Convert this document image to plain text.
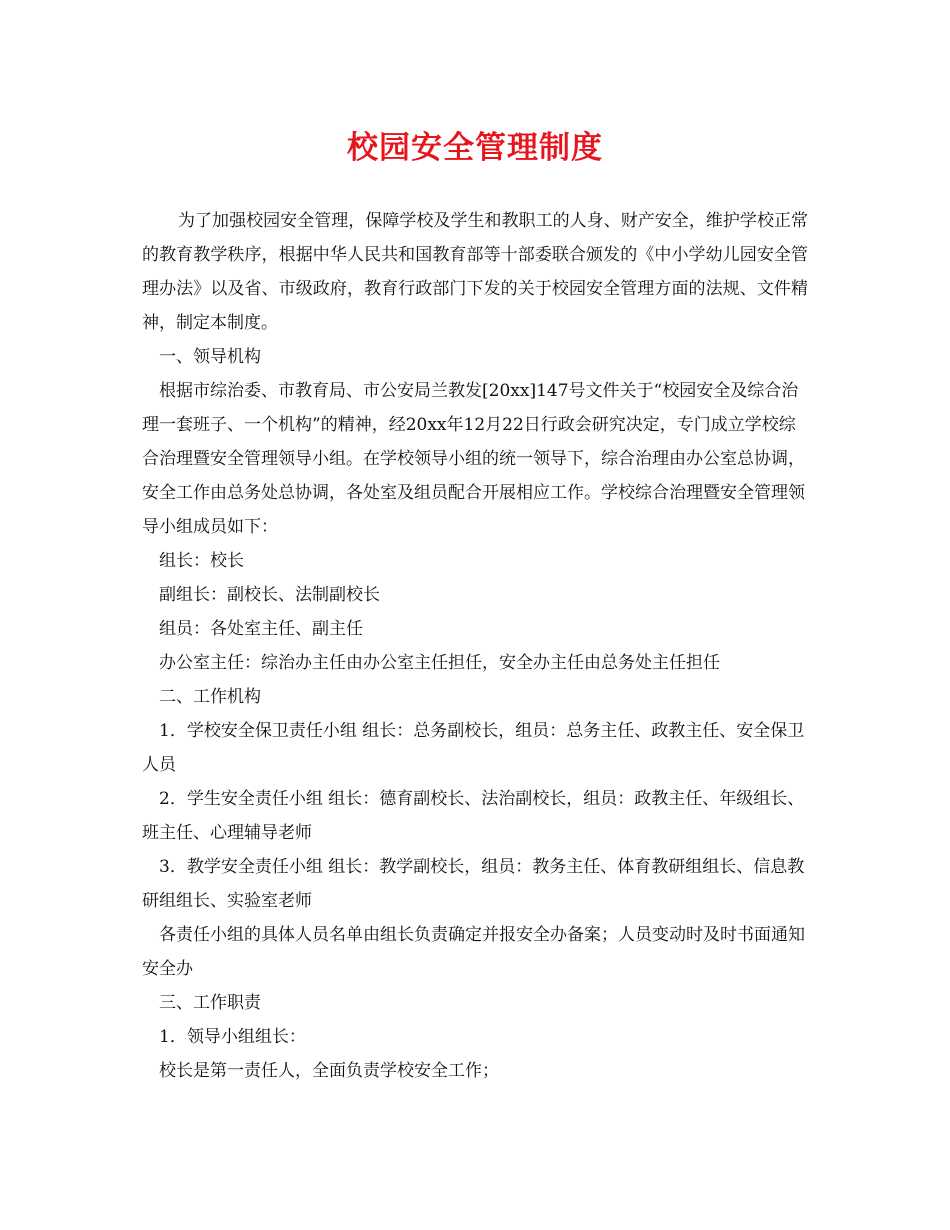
校园安全管理制度

为了加强校园安全管理，保障学校及学生和教职工的人身、财产安全，维护学校正常的教育教学秩序，根据中华人民共和国教育部等十部委联合颁发的《中小学幼儿园安全管理办法》以及省、市级政府，教育行政部门下发的关于校园安全管理方面的法规、文件精神，制定本制度。

一、领导机构

根据市综治委、市教育局、市公安局兰教发[20xx]147号文件关于“校园安全及综合治理一套班子、一个机构”的精神，经20xx年12月22日行政会研究决定，专门成立学校综合治理暨安全管理领导小组。在学校领导小组的统一领导下，综合治理由办公室总协调，安全工作由总务处总协调，各处室及组员配合开展相应工作。学校综合治理暨安全管理领导小组成员如下：

组长：校长

副组长：副校长、法制副校长

组员：各处室主任、副主任

办公室主任：综治办主任由办公室主任担任，安全办主任由总务处主任担任

二、工作机构

1．学校安全保卫责任小组 组长：总务副校长，组员：总务主任、政教主任、安全保卫人员

2．学生安全责任小组 组长：德育副校长、法治副校长，组员：政教主任、年级组长、班主任、心理辅导老师

3．教学安全责任小组 组长：教学副校长，组员：教务主任、体育教研组组长、信息教研组组长、实验室老师

各责任小组的具体人员名单由组长负责确定并报安全办备案；人员变动时及时书面通知安全办

三、工作职责

1．领导小组组长：

校长是第一责任人，全面负责学校安全工作；
